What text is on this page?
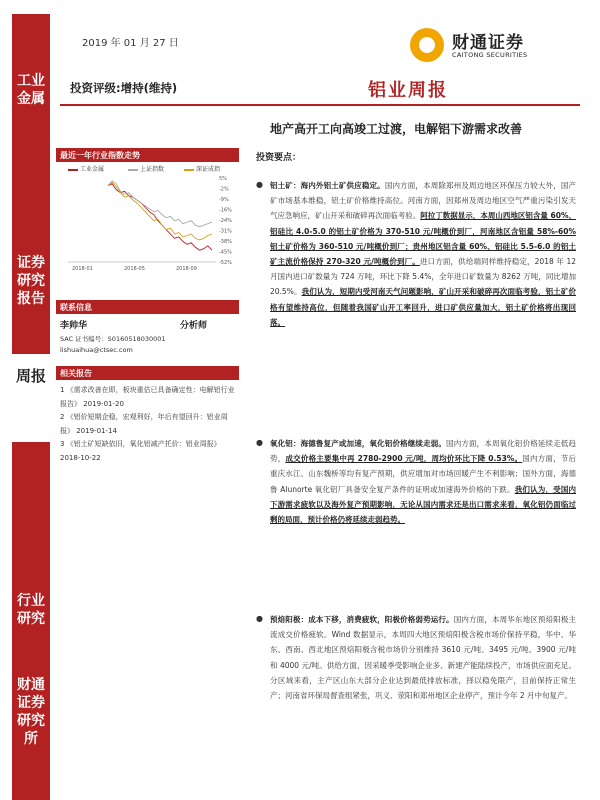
工业金属
证券研究报告
周报
行业研究
财通证券研究所
2019 年 01 月 27 日	财通证券
CAITONG SECURITIES
投资评级:增持(维持)	铝业周报
地产高开工向高竣工过渡，电解铝下游需求改善
最近一年行业指数走势
工业金属	上证指数	深证成指
5%
-2%
-9%
-16%
-24%
-31%
-38%
-45%
-52%
2018-01	2018-05	2018-09
联系信息
李帅华	分析师
SAC 证书编号：S0160518030001
lishuaihua@ctsec.com
相关报告
1 《需求改善在即，板块重估已具备确定性：电解铝行业报告》 2019-01-20
2 《铝价短期企稳，宏观利好，年后有望回升：铝业周报》 2019-01-14
3 《铝土矿短缺依旧，氧化铝减产托价：铝业周报》 2018-10-22
投资要点：
● 铝土矿：海内外铝土矿供应稳定。国内方面，本周除郑州及周边地区环保压力较大外，国产矿市场基本维稳，铝土矿价格维持高位。河南方面，因郑州及周边地区空气严重污染引发天气应急响应，矿山开采和破碎再次面临考验。阿拉丁数据显示，本周山西地区铝含量 60%、铝硅比 4.0-5.0 的铝土矿价格为 370-510 元/吨概价到厂，河南地区含铝量 58%-60%铝土矿价格为 360-510 元/吨概价到厂；贵州地区铝含量 60%、铝硅比 5.5-6.0 的铝土矿主流价格保持 270-320 元/吨概价到厂。进口方面，供给端同样维持稳定，2018 年 12 月国内进口矿数量为 724 万吨，环比下降 5.4%，全年进口矿数量为 8262 万吨，同比增加 20.5%。我们认为，短期内受河南天气问题影响，矿山开采和破碎再次面临考验，铝土矿价格有望维持高位，但随着我国矿山开工率回升，进口矿供应量加大，铝土矿价格将出现回落。
● 氧化铝：海德鲁复产或加速，氧化铝价格继续走弱。国内方面，本周氧化铝价格延续走低趋势，成交价格主要集中再 2780-2900 元/吨，周均价环比下降 0.53%。国内方面，节后重庆水江、山东魏桥等均有复产预期，供应增加对市场回暖产生不利影响；国外方面，海德鲁 Alunorte 氧化铝厂具备安全复产条件的证明或加速海外价格的下跌。我们认为，受国内下游需求疲软以及海外复产预期影响，无论从国内需求还是出口需求来看，氧化铝仍面临过剩的局面，预计价格仍将延续走弱趋势。
● 预焙阳极：成本下移，消费疲软，阳极价格弱势运行。国内方面，本周华东地区预焙阳极主流成交价格疲软。Wind 数据显示，本周四大地区预焙阳极含税市场价保持平稳，华中、华东、西南、西北地区预焙阳极含税市场价分别维持 3610 元/吨、3495 元/吨、3900 元/吨和 4000 元/吨。供给方面，因采暖季受影响企业多、新建产能陆续投产，市场供应面充足。分区域来看，主产区山东大部分企业达到最低排放标准，择以稳免限产，目前保持正常生产；河南省环保局督查组紧张，巩义、荥阳和郑州地区企业停产，预计今年 2 月中旬复产。
